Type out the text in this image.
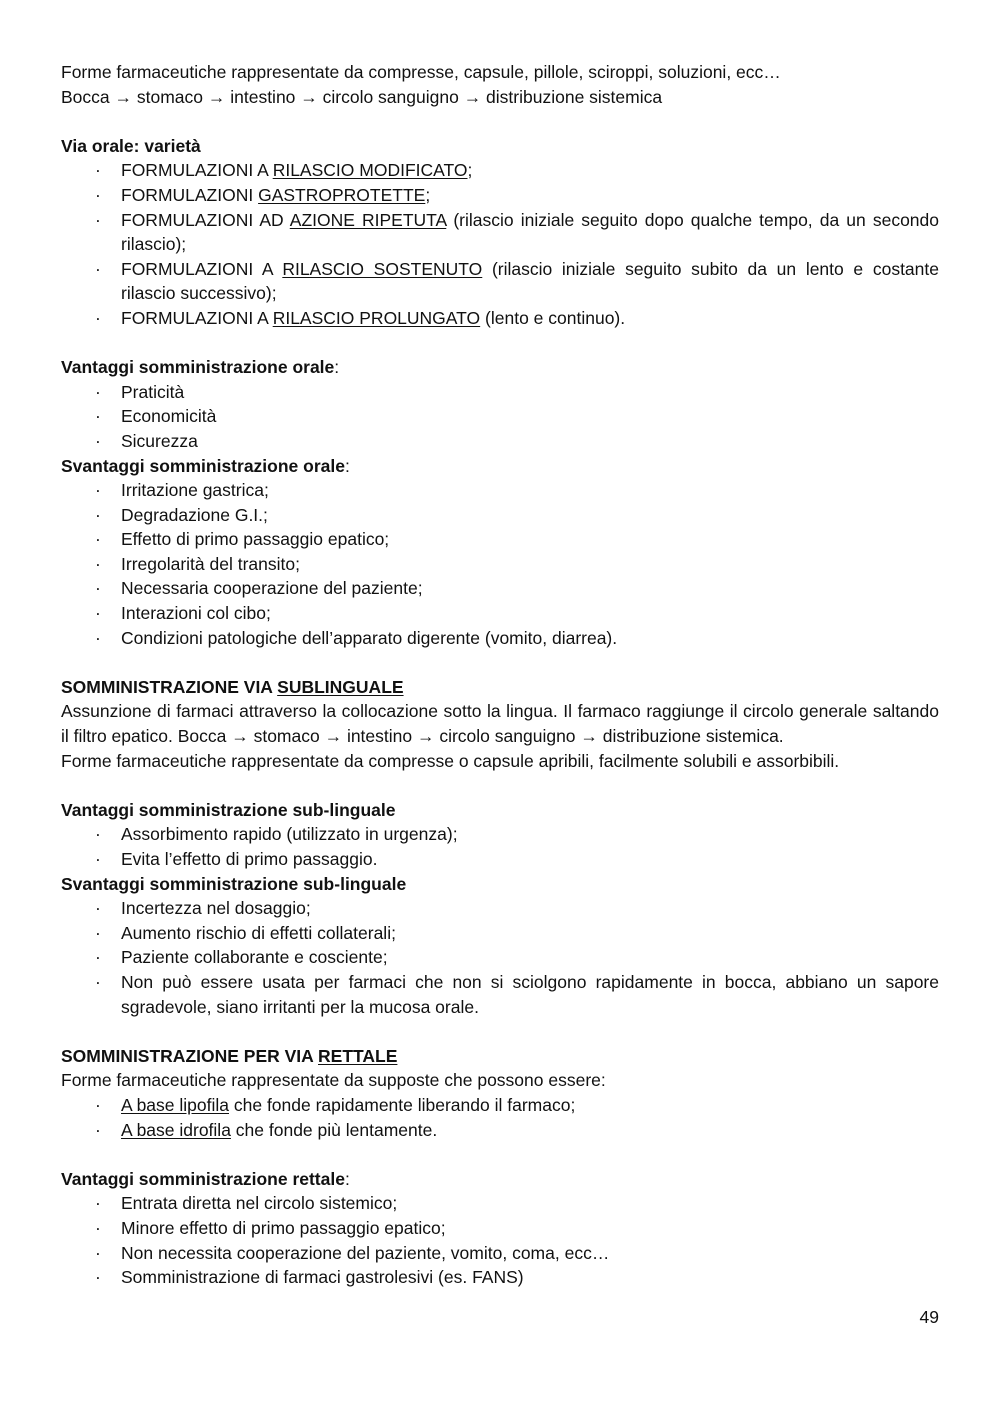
Forme farmaceutiche rappresentate da compresse, capsule, pillole, sciroppi, soluzioni, ecc…

Bocca → stomaco → intestino → circolo sanguigno → distribuzione sistemica

Via orale: varietà

· FORMULAZIONI A RILASCIO MODIFICATO;
· FORMULAZIONI GASTROPROTETTE;
· FORMULAZIONI AD AZIONE RIPETUTA (rilascio iniziale seguito dopo qualche tempo, da un secondo rilascio);
· FORMULAZIONI A RILASCIO SOSTENUTO (rilascio iniziale seguito subito da un lento e costante rilascio successivo);
· FORMULAZIONI A RILASCIO PROLUNGATO (lento e continuo).

Vantaggi somministrazione orale:

· Praticità
· Economicità
· Sicurezza

Svantaggi somministrazione orale:

· Irritazione gastrica;
· Degradazione G.I.;
· Effetto di primo passaggio epatico;
· Irregolarità del transito;
· Necessaria cooperazione del paziente;
· Interazioni col cibo;
· Condizioni patologiche dell’apparato digerente (vomito, diarrea).

SOMMINISTRAZIONE VIA SUBLINGUALE

Assunzione di farmaci attraverso la collocazione sotto la lingua. Il farmaco raggiunge il circolo generale saltando il filtro epatico. Bocca → stomaco → intestino → circolo sanguigno → distribuzione sistemica.

Forme farmaceutiche rappresentate da compresse o capsule apribili, facilmente solubili e assorbibili.

Vantaggi somministrazione sub-linguale

· Assorbimento rapido (utilizzato in urgenza);
· Evita l’effetto di primo passaggio.

Svantaggi somministrazione sub-linguale

· Incertezza nel dosaggio;
· Aumento rischio di effetti collaterali;
· Paziente collaborante e cosciente;
· Non può essere usata per farmaci che non si sciolgono rapidamente in bocca, abbiano un sapore sgradevole, siano irritanti per la mucosa orale.

SOMMINISTRAZIONE PER VIA RETTALE

Forme farmaceutiche rappresentate da supposte che possono essere:

· A base lipofila che fonde rapidamente liberando il farmaco;
· A base idrofila che fonde più lentamente.

Vantaggi somministrazione rettale:

· Entrata diretta nel circolo sistemico;
· Minore effetto di primo passaggio epatico;
· Non necessita cooperazione del paziente, vomito, coma, ecc…
· Somministrazione di farmaci gastrolesivi (es. FANS)
49
